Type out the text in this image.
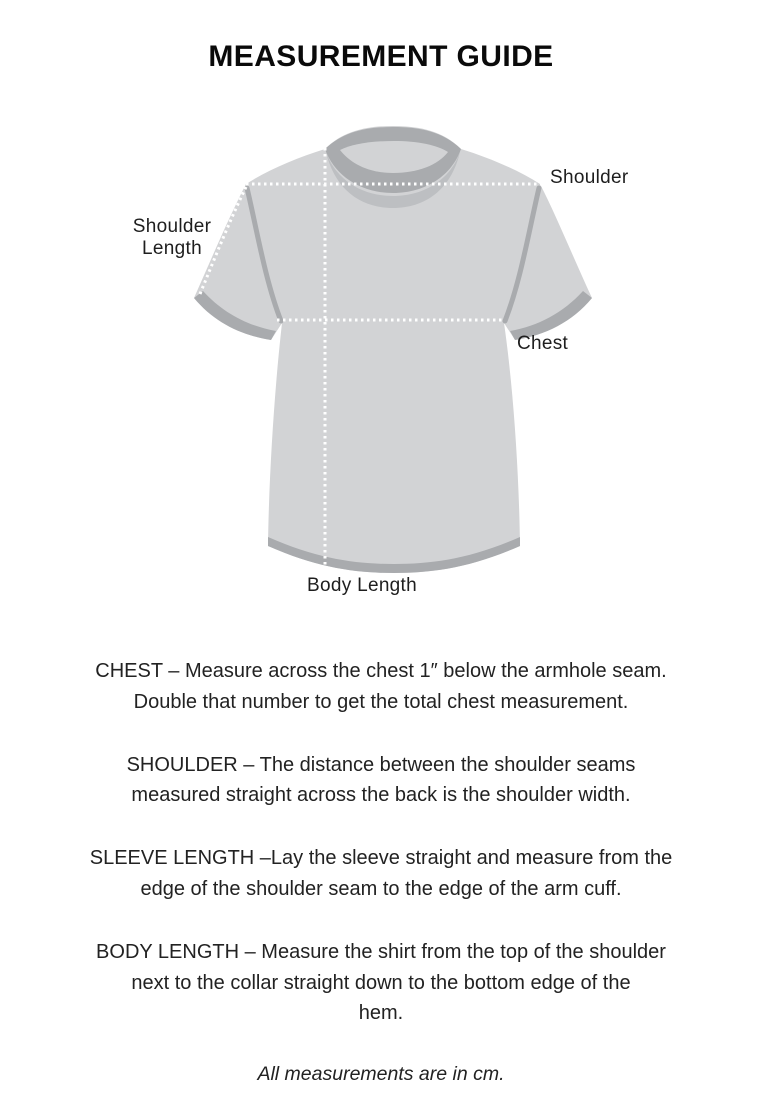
MEASUREMENT GUIDE
Shoulder
Shoulder
Length
Chest
Body Length
CHEST – Measure across the chest 1″ below the armhole seam.
Double that number to get the total chest measurement.
SHOULDER – The distance between the shoulder seams
measured straight across the back is the shoulder width.
SLEEVE LENGTH –Lay the sleeve straight and measure from the
edge of the shoulder seam to the edge of the arm cuff.
BODY LENGTH – Measure the shirt from the top of the shoulder
next to the collar straight down to the bottom edge of the
hem.
All measurements are in cm.
